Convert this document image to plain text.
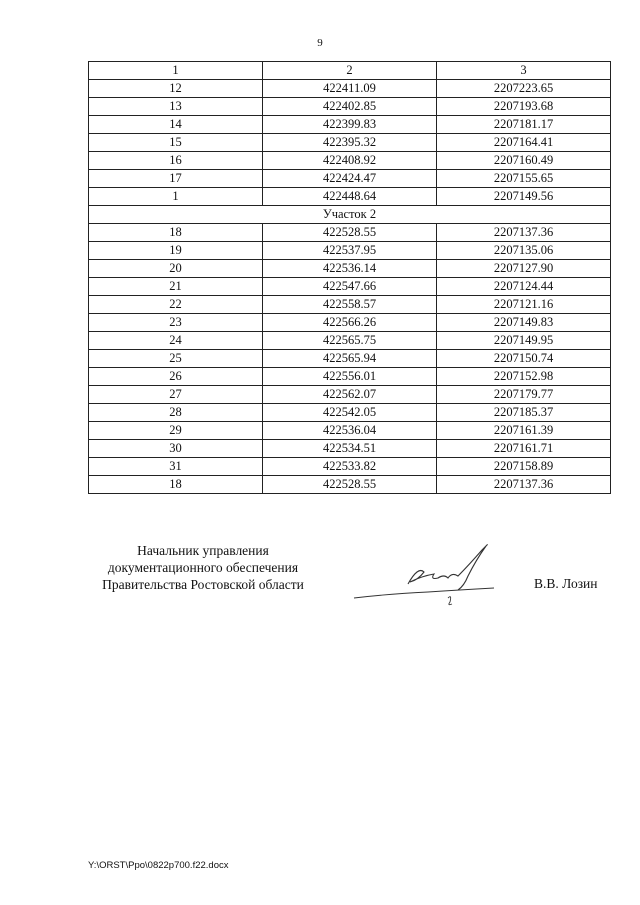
9
1	2	3
12	422411.09	2207223.65
13	422402.85	2207193.68
14	422399.83	2207181.17
15	422395.32	2207164.41
16	422408.92	2207160.49
17	422424.47	2207155.65
1	422448.64	2207149.56
	Участок 2	
18	422528.55	2207137.36
19	422537.95	2207135.06
20	422536.14	2207127.90
21	422547.66	2207124.44
22	422558.57	2207121.16
23	422566.26	2207149.83
24	422565.75	2207149.95
25	422565.94	2207150.74
26	422556.01	2207152.98
27	422562.07	2207179.77
28	422542.05	2207185.37
29	422536.04	2207161.39
30	422534.51	2207161.71
31	422533.82	2207158.89
18	422528.55	2207137.36
Начальник управления
документационного обеспечения
Правительства Ростовской области	В.В. Лозин
Y:\ORST\Ppo\0822p700.f22.docx
